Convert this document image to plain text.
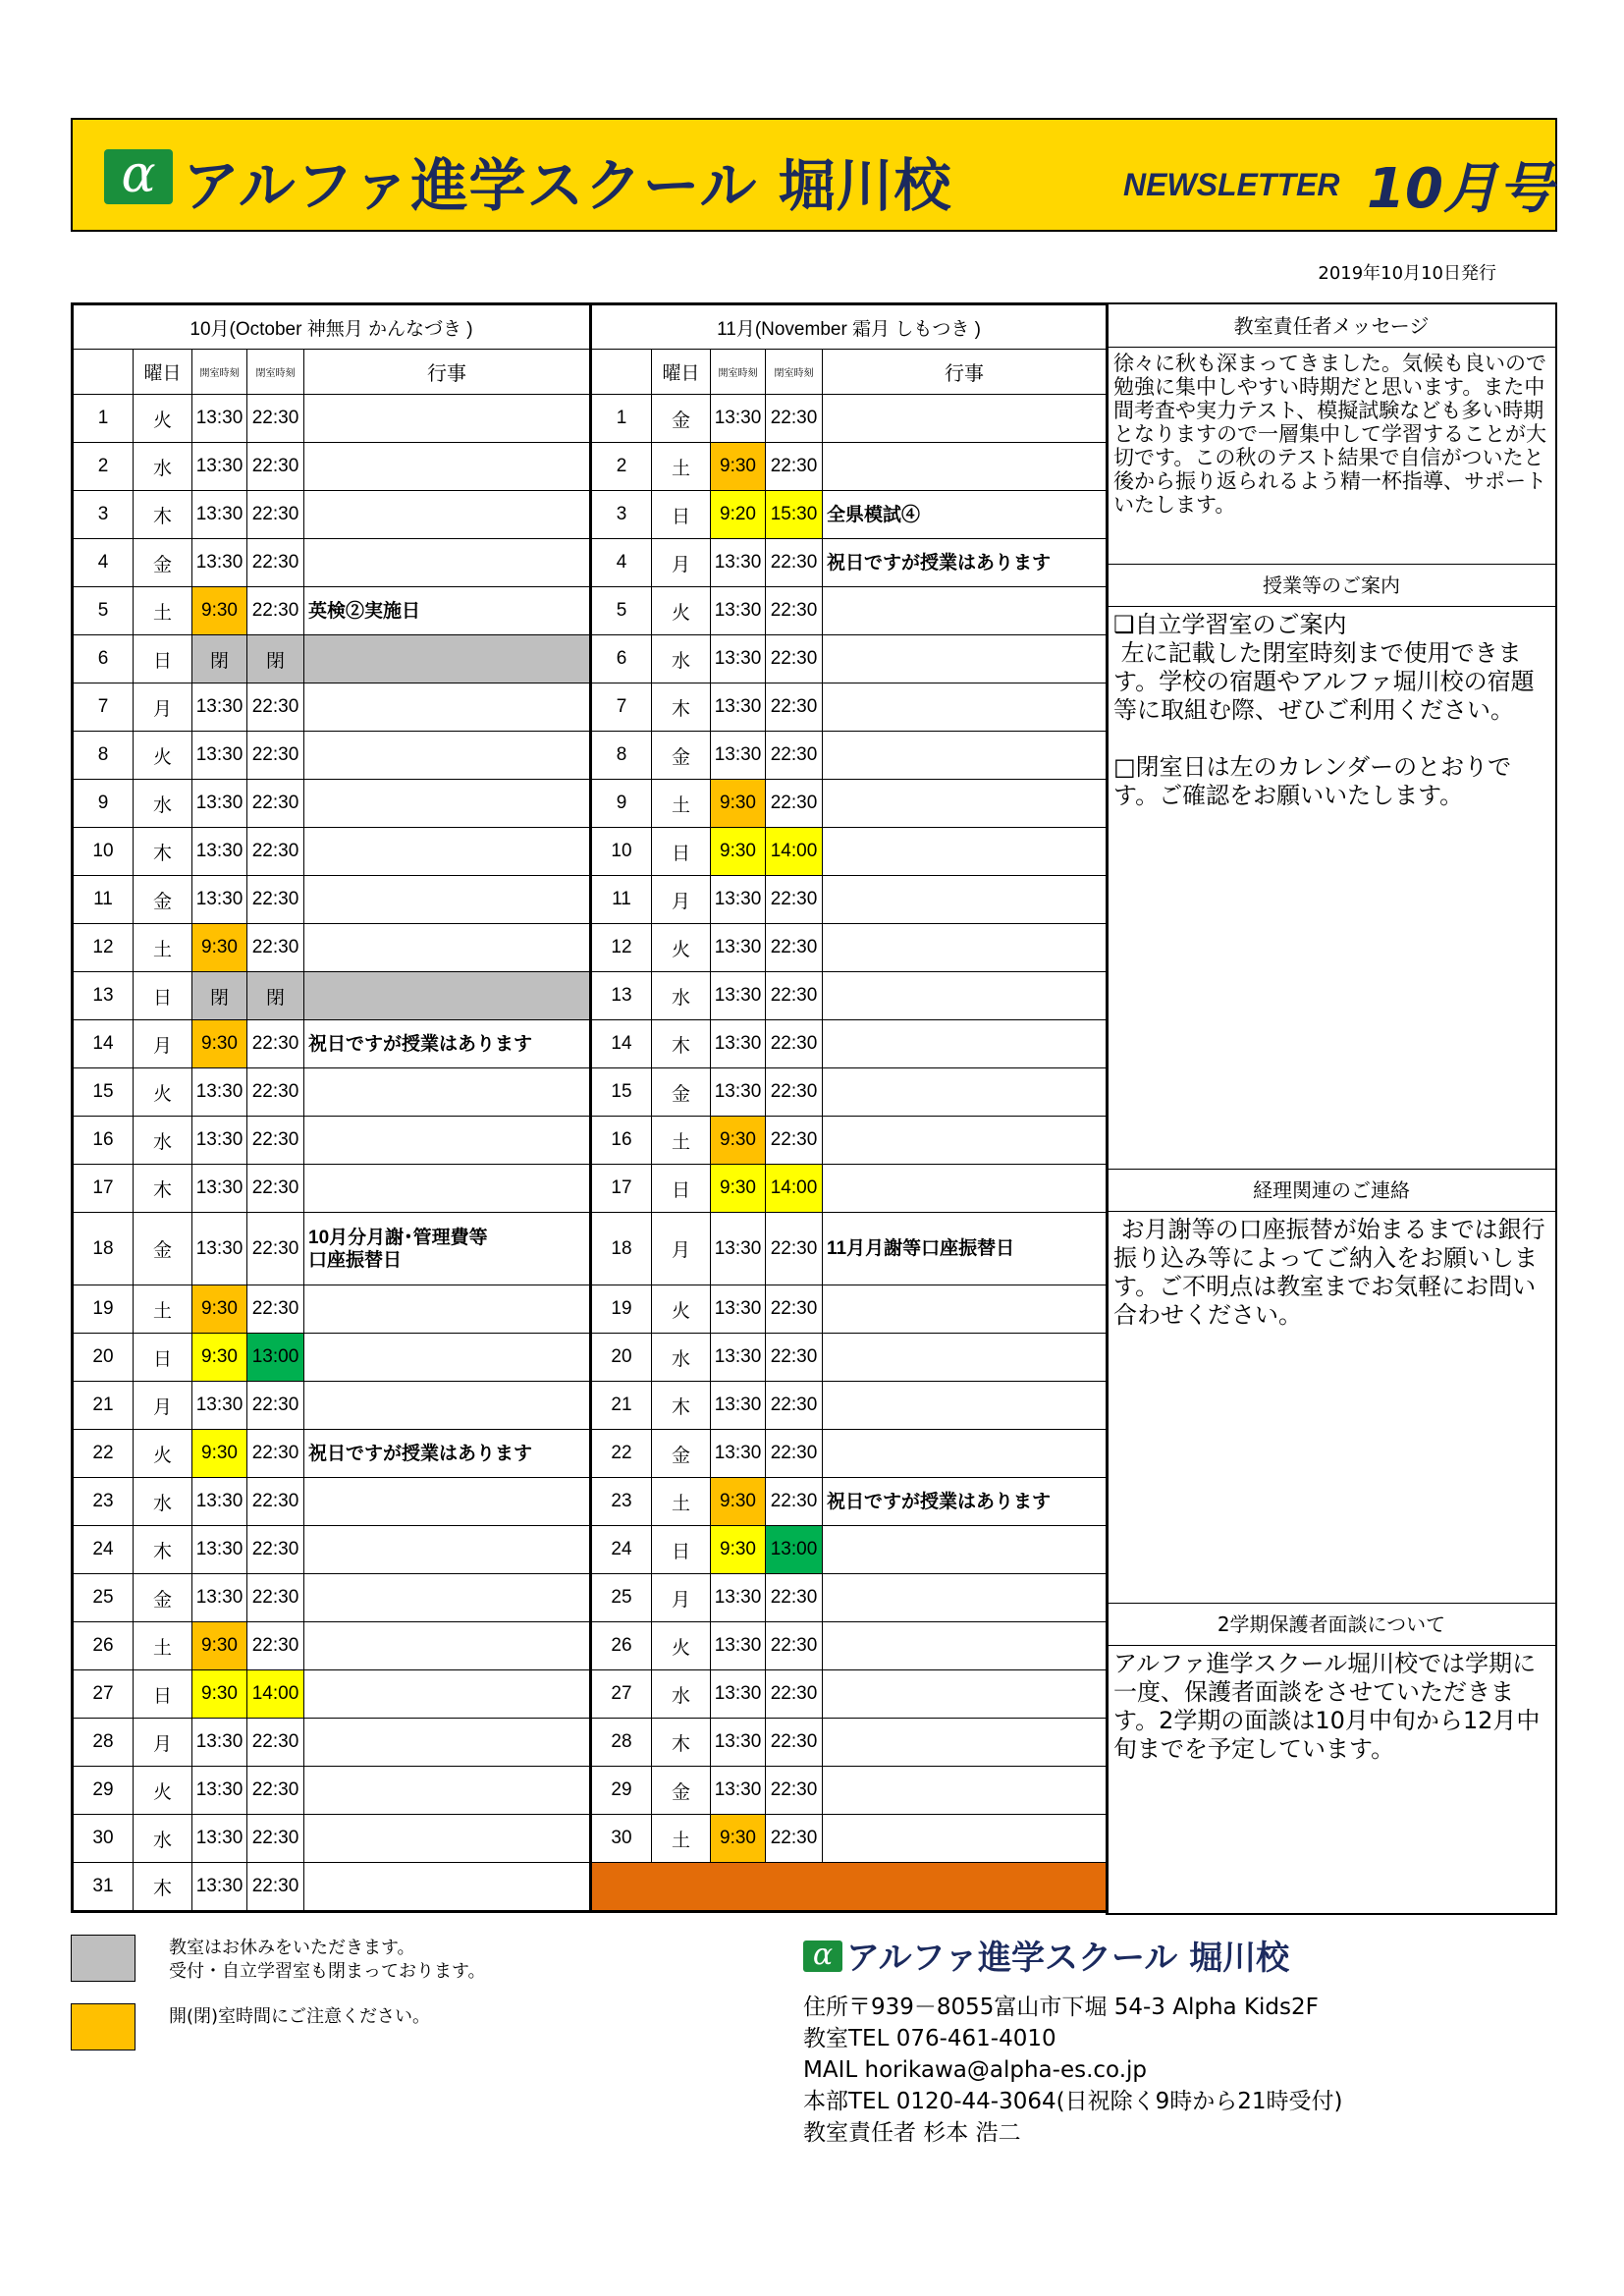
α アルファ進学スクール 堀川校	NEWSLETTER 10月号
2019年10月10日発行
10月(October 神無月 かんなづき )				
	曜日	開室時刻	閉室時刻	行事
1	火	13:30	22:30	
2	水	13:30	22:30	
3	木	13:30	22:30	
4	金	13:30	22:30	
5	土	9:30	22:30	英検②実施日
6	日	閉	閉	
7	月	13:30	22:30	
8	火	13:30	22:30	
9	水	13:30	22:30	
10	木	13:30	22:30	
11	金	13:30	22:30	
12	土	9:30	22:30	
13	日	閉	閉	
14	月	9:30	22:30	祝日ですが授業はあります
15	火	13:30	22:30	
16	水	13:30	22:30	
17	木	13:30	22:30	
18	金	13:30	22:30	10月分月謝･管理費等
口座振替日
19	土	9:30	22:30	
20	日	9:30	13:00	
21	月	13:30	22:30	
22	火	9:30	22:30	祝日ですが授業はあります
23	水	13:30	22:30	
24	木	13:30	22:30	
25	金	13:30	22:30	
26	土	9:30	22:30	
27	日	9:30	14:00	
28	月	13:30	22:30	
29	火	13:30	22:30	
30	水	13:30	22:30	
31	木	13:30	22:30	
11月(November 霜月 しもつき )				
	曜日	開室時刻	閉室時刻	行事
1	金	13:30	22:30	
2	土	9:30	22:30	
3	日	9:20	15:30	全県模試④
4	月	13:30	22:30	祝日ですが授業はあります
5	火	13:30	22:30	
6	水	13:30	22:30	
7	木	13:30	22:30	
8	金	13:30	22:30	
9	土	9:30	22:30	
10	日	9:30	14:00	
11	月	13:30	22:30	
12	火	13:30	22:30	
13	水	13:30	22:30	
14	木	13:30	22:30	
15	金	13:30	22:30	
16	土	9:30	22:30	
17	日	9:30	14:00	
18	月	13:30	22:30	11月月謝等口座振替日
19	火	13:30	22:30	
20	水	13:30	22:30	
21	木	13:30	22:30	
22	金	13:30	22:30	
23	土	9:30	22:30	祝日ですが授業はあります
24	日	9:30	13:00	
25	月	13:30	22:30	
26	火	13:30	22:30	
27	水	13:30	22:30	
28	木	13:30	22:30	
29	金	13:30	22:30	
30	土	9:30	22:30	

教室責任者メッセージ
徐々に秋も深まってきました。気候も良いので勉強に集中しやすい時期だと思います。また中間考査や実力テスト、模擬試験なども多い時期となりますので一層集中して学習することが大切です。この秋のテスト結果で自信がついたと後から振り返られるよう精一杯指導、サポートいたします。
授業等のご案内
❑自立学習室のご案内
左に記載した閉室時刻まで使用できます。学校の宿題やアルファ堀川校の宿題等に取組む際、ぜひご利用ください。

□閉室日は左のカレンダーのとおりです。ご確認をお願いいたします。
経理関連のご連絡
お月謝等の口座振替が始まるまでは銀行振り込み等によってご納入をお願いします。ご不明点は教室までお気軽にお問い合わせください。
2学期保護者面談について
アルファ進学スクール堀川校では学期に一度、保護者面談をさせていただきます。2学期の面談は10月中旬から12月中旬までを予定しています。
教室はお休みをいただきます。
受付・自立学習室も閉まっております。
開(閉)室時間にご注意ください。
α アルファ進学スクール 堀川校
住所〒939－8055富山市下堀 54-3 Alpha Kids2F
教室TEL 076-461-4010
MAIL horikawa@alpha-es.co.jp
本部TEL 0120-44-3064(日祝除く9時から21時受付)
教室責任者 杉本 浩二
